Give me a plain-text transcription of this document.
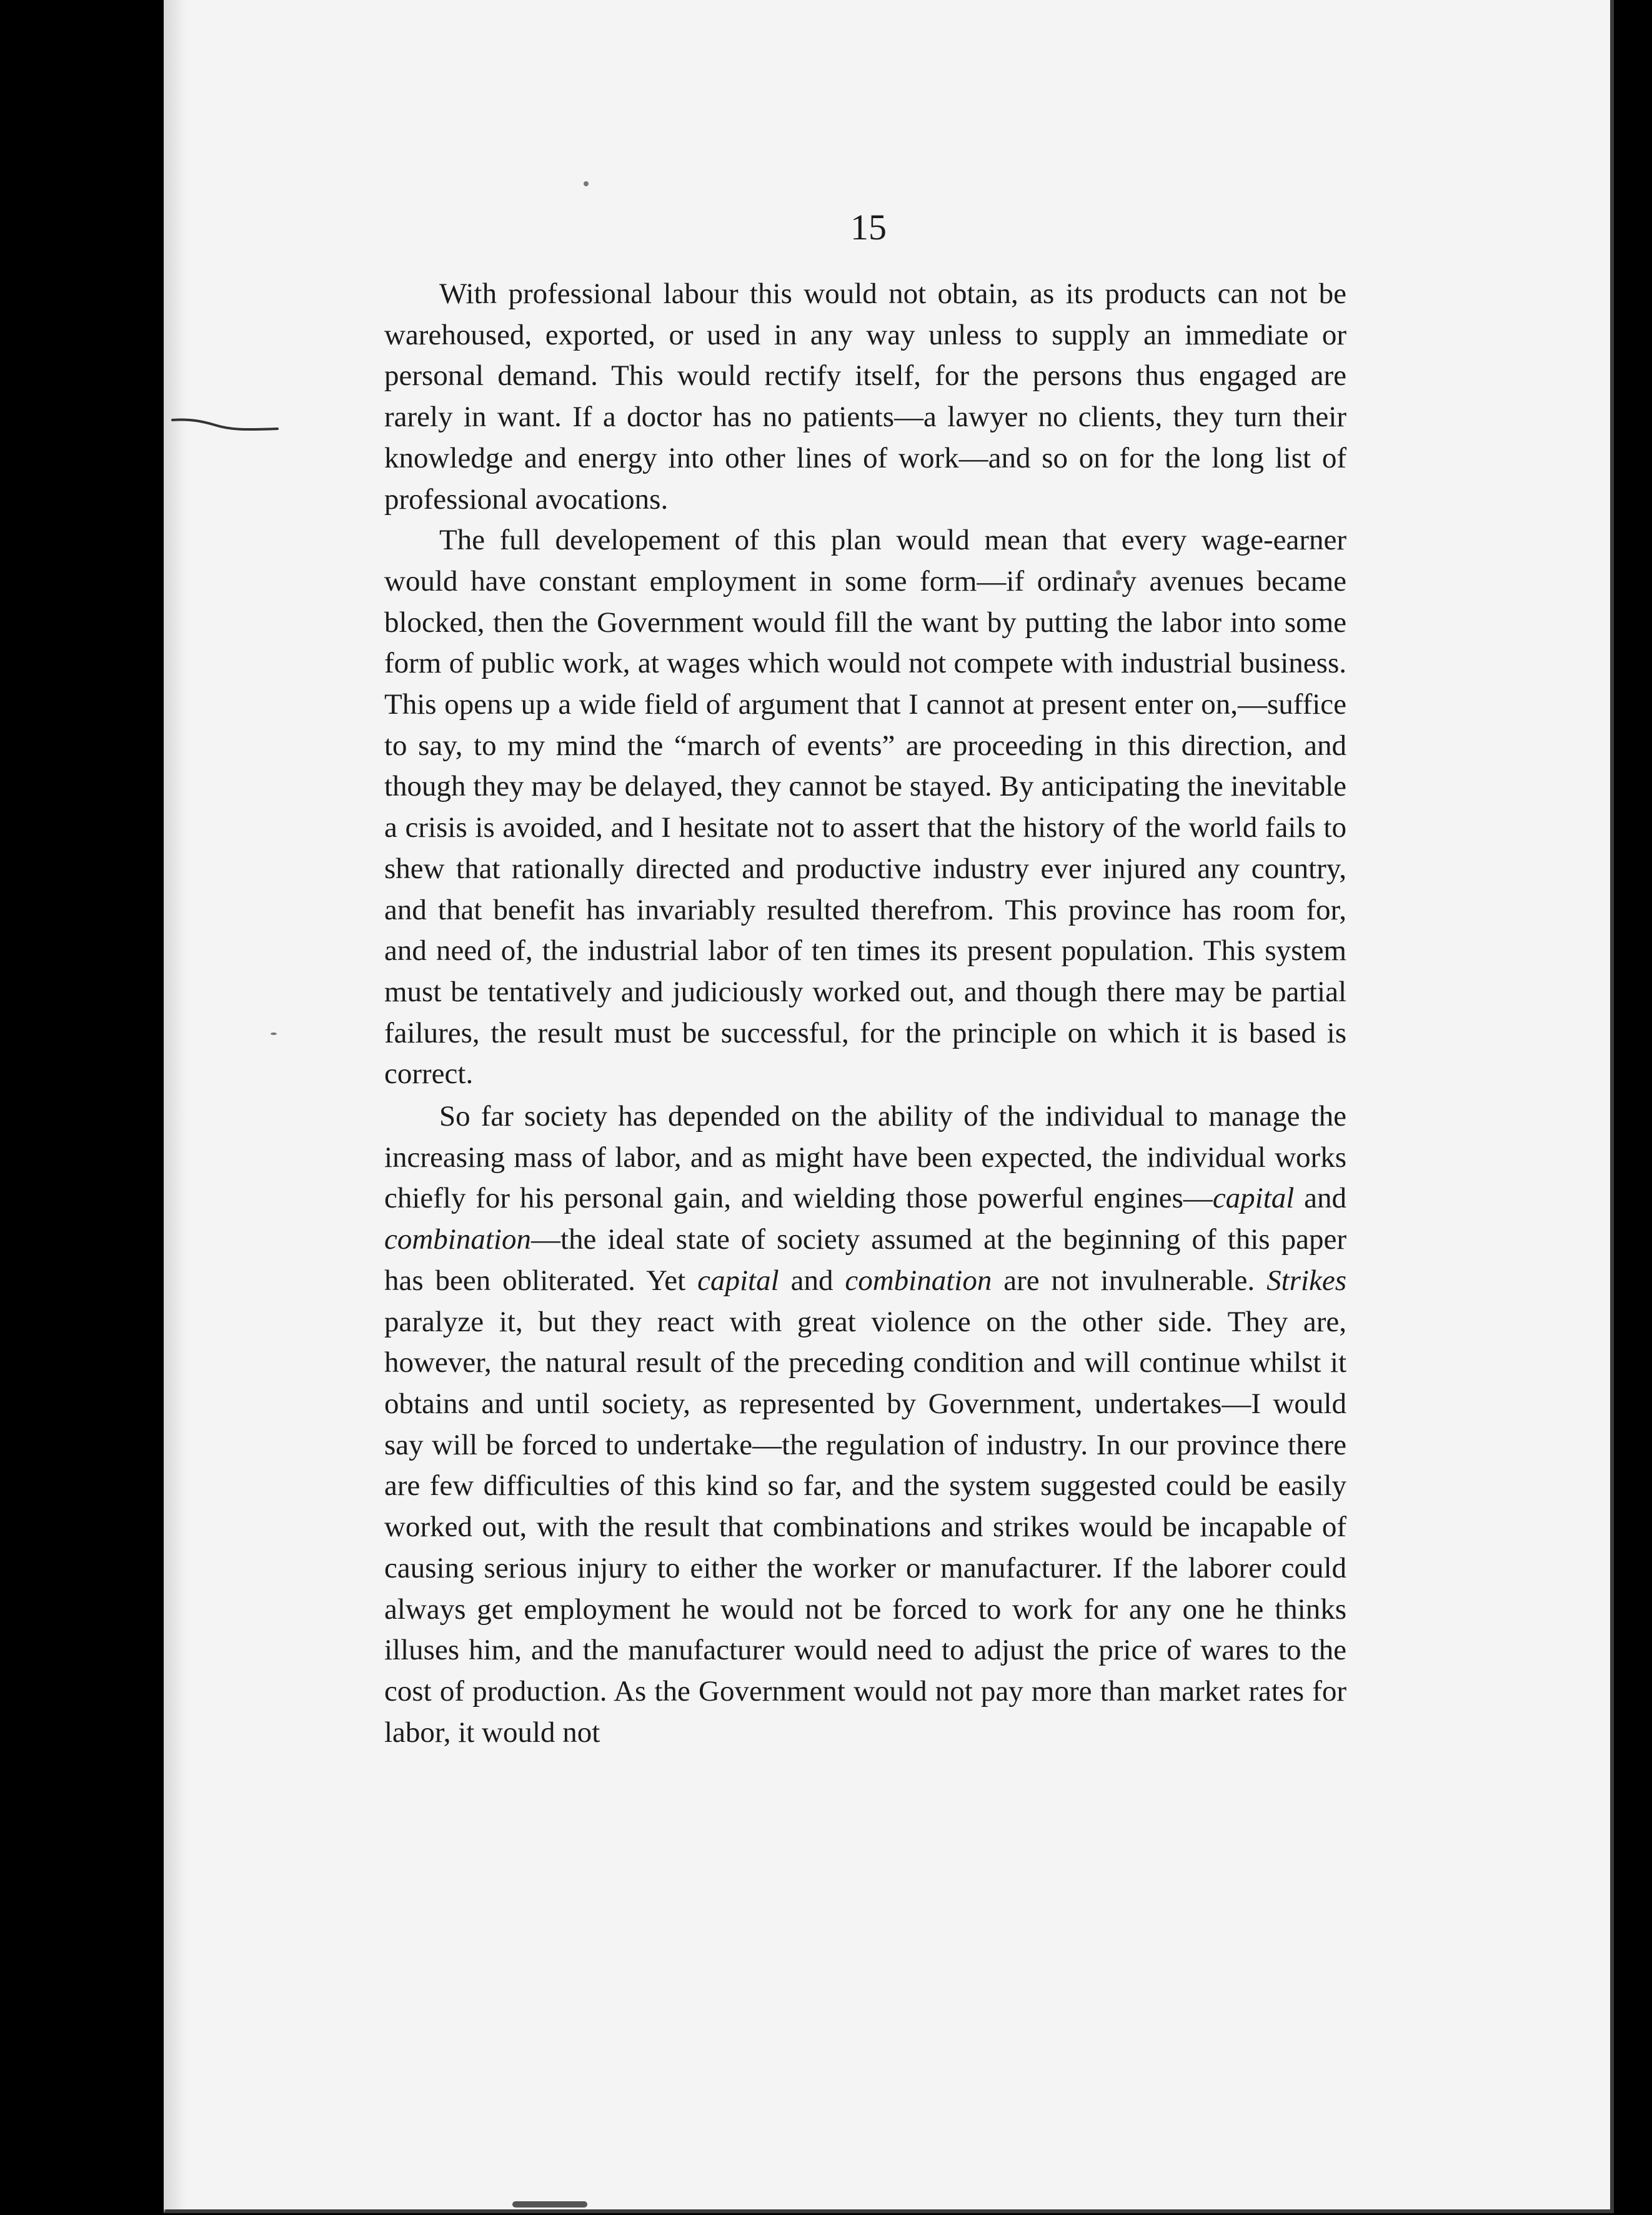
15

With professional labour this would not obtain, as its products can not be warehoused, exported, or used in any way unless to supply an immediate or personal demand. This would rectify itself, for the persons thus engaged are rarely in want. If a doctor has no patients—a lawyer no clients, they turn their knowledge and energy into other lines of work—and so on for the long list of professional avocations.

The full developement of this plan would mean that every wage-earner would have constant employment in some form—if ordinary avenues became blocked, then the Government would fill the want by putting the labor into some form of public work, at wages which would not compete with industrial business. This opens up a wide field of argument that I cannot at present enter on,—suffice to say, to my mind the “march of events” are proceeding in this direction, and though they may be delayed, they cannot be stayed. By anticipating the inevitable a crisis is avoided, and I hesitate not to assert that the history of the world fails to shew that rationally directed and productive industry ever injured any country, and that benefit has invariably resulted therefrom. This province has room for, and need of, the industrial labor of ten times its present population. This system must be tentatively and judiciously worked out, and though there may be partial failures, the result must be successful, for the principle on which it is based is correct.

So far society has depended on the ability of the individual to manage the increasing mass of labor, and as might have been expected, the individual works chiefly for his personal gain, and wielding those powerful engines—capital and combination—the ideal state of society assumed at the beginning of this paper has been obliterated. Yet capital and combination are not invulnerable. Strikes paralyze it, but they react with great violence on the other side. They are, however, the natural result of the preceding condition and will continue whilst it obtains and until society, as represented by Government, undertakes—I would say will be forced to undertake—the regulation of industry. In our province there are few difficulties of this kind so far, and the system suggested could be easily worked out, with the result that combinations and strikes would be incapable of causing serious injury to either the worker or manufacturer. If the laborer could always get employment he would not be forced to work for any one he thinks illuses him, and the manufacturer would need to adjust the price of wares to the cost of production. As the Government would not pay more than market rates for labor, it would not
